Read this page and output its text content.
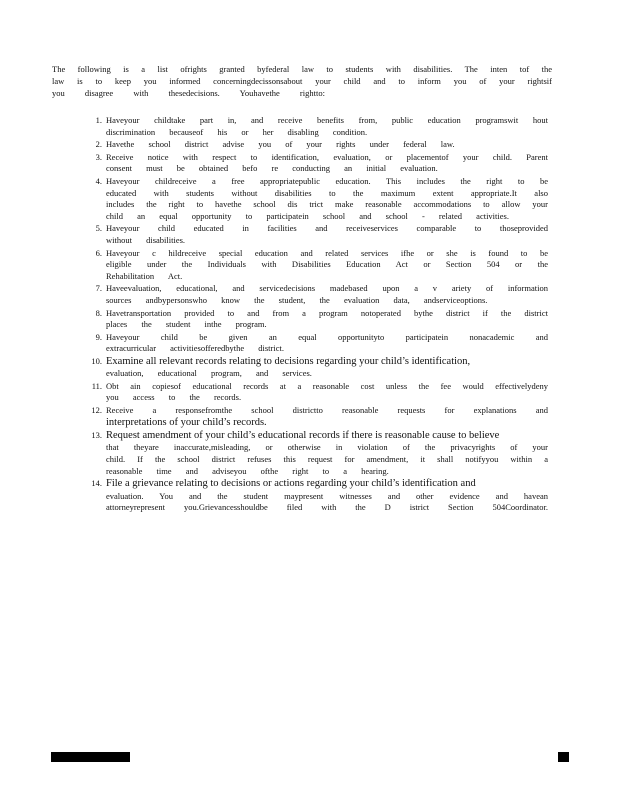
The following is a list ofrights granted byfederal law to students with disabilities. The inten tof the
law is to keep you informed concerningdecissonsabout your child and to inform you of your rightsif
you disagree with thesedecisions. Youhavethe rightto:

1. Haveyour childtake part in, and receive benefits from, public education programswit hout
discrimination becauseof his or her disabling condition.
2. Havethe school district advise you of your rights under federal law.
3. Receive notice with respect to identification, evaluation, or placementof your child. Parent
consent must be obtained befo re conducting an initial evaluation.
4. Haveyour childreceive a free appropriatepublic education. This includes the right to be
educated with students without disabilities to the maximum extent appropriate.It also
includes the right to havethe school dis trict make reasonable accommodations to allow your
child an equal opportunity to participatein school and school - related activities.
5. Haveyour child educated in facilities and receiveservices comparable to thoseprovided
without disabilities.
6. Haveyour c hildreceive special education and related services ifhe or she is found to be
eligible under the Individuals with Disabilities Education Act or Section 504 or the
Rehabilitation Act.
7. Haveevaluation, educational, and servicedecisions madebased upon a v ariety of information
sources andbypersonswho know the student, the evaluation data, andserviceoptions.
8. Havetransportation provided to and from a program notoperated bythe district if the district
places the student inthe program.
9. Haveyour child be given an equal opportunityto participatein nonacademic and
extracurricular activitiesofferedbythe district.
10. Examine all relevant records relating to decisions regarding your child’s identification,
evaluation, educational program, and services.
11. Obt ain copiesof educational records at a reasonable cost unless the fee would effectivelydeny
you access to the records.
12. Receive a responsefromthe school districtto reasonable requests for explanations and
interpretations of your child’s records.
13. Request amendment of your child’s educational records if there is reasonable cause to believe
that theyare inaccurate,misleading, or otherwise in violation of the privacyrights of your
child. If the school district refuses this request for amendment, it shall notifyyou within a
reasonable time and adviseyou ofthe right to a hearing.
14. File a grievance relating to decisions or actions regarding your child’s identification and
evaluation. You and the student maypresent witnesses and other evidence and havean
attorneyrepresent you.Grievancesshouldbe filed with the D istrict Section 504Coordinator.
